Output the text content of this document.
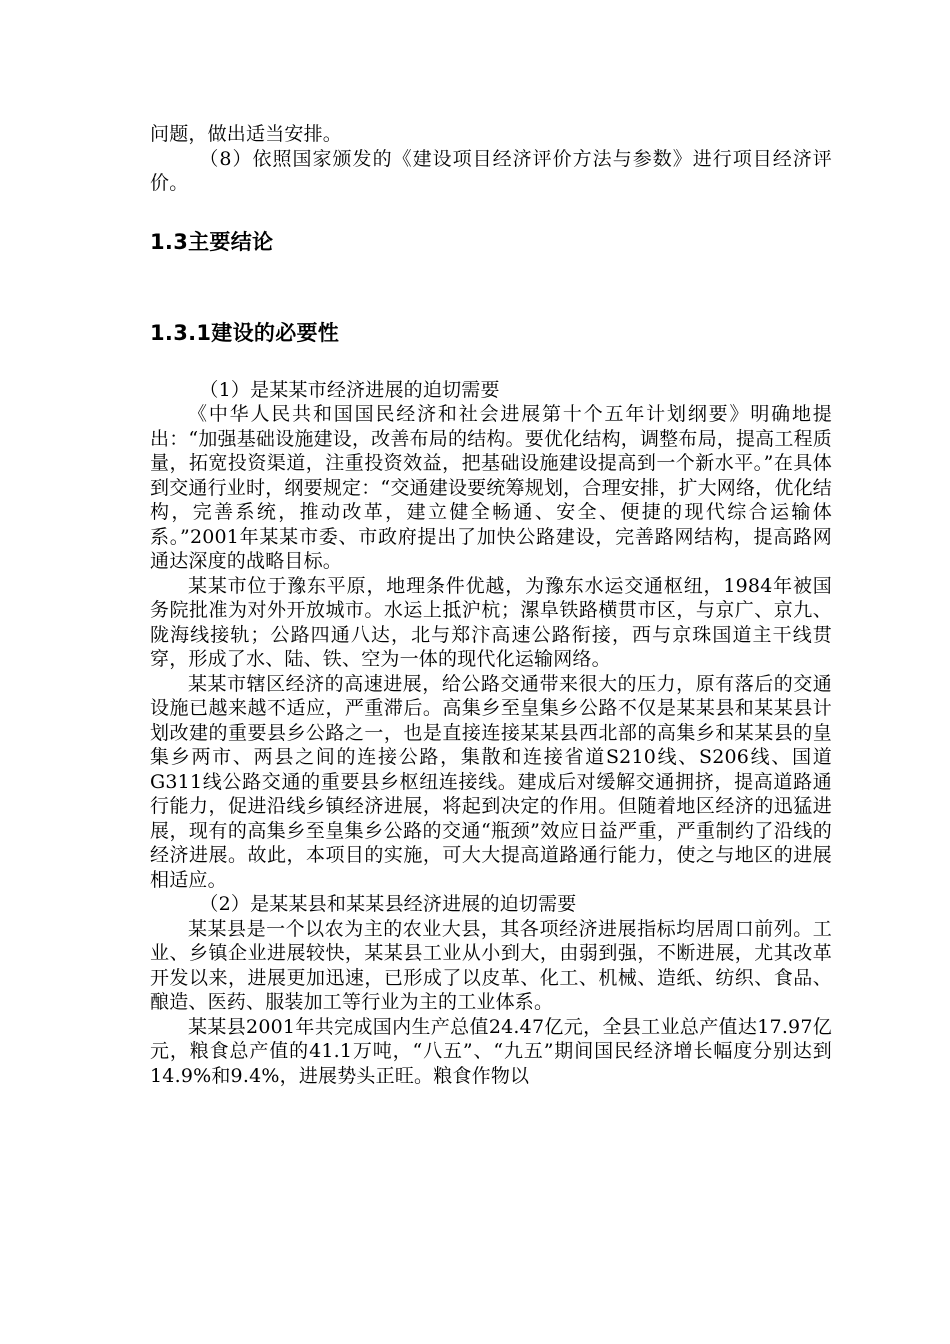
问题，做出适当安排。

（8）依照国家颁发的《建设项目经济评价方法与参数》进行项目经济评价。

1.3主要结论
1.3.1建设的必要性

（1）是某某市经济进展的迫切需要

《中华人民共和国国民经济和社会进展第十个五年计划纲要》明确地提出：“加强基础设施建设，改善布局的结构。要优化结构，调整布局，提高工程质量，拓宽投资渠道，注重投资效益，把基础设施建设提高到一个新水平。”在具体到交通行业时，纲要规定：“交通建设要统筹规划，合理安排，扩大网络，优化结构，完善系统，推动改革，建立健全畅通、安全、便捷的现代综合运输体系。”2001年某某市委、市政府提出了加快公路建设，完善路网结构，提高路网通达深度的战略目标。

某某市位于豫东平原，地理条件优越，为豫东水运交通枢纽，1984年被国务院批准为对外开放城市。水运上抵沪杭；漯阜铁路横贯市区，与京广、京九、陇海线接轨；公路四通八达，北与郑汴高速公路衔接，西与京珠国道主干线贯穿，形成了水、陆、铁、空为一体的现代化运输网络。

某某市辖区经济的高速进展，给公路交通带来很大的压力，原有落后的交通设施已越来越不适应，严重滞后。高集乡至皇集乡公路不仅是某某县和某某县计划改建的重要县乡公路之一，也是直接连接某某县西北部的高集乡和某某县的皇集乡两市、两县之间的连接公路，集散和连接省道S210线、S206线、国道G311线公路交通的重要县乡枢纽连接线。建成后对缓解交通拥挤，提高道路通行能力，促进沿线乡镇经济进展，将起到决定的作用。但随着地区经济的迅猛进展，现有的高集乡至皇集乡公路的交通“瓶颈”效应日益严重，严重制约了沿线的经济进展。故此，本项目的实施，可大大提高道路通行能力，使之与地区的进展相适应。

（2）是某某县和某某县经济进展的迫切需要

某某县是一个以农为主的农业大县，其各项经济进展指标均居周口前列。工业、乡镇企业进展较快，某某县工业从小到大，由弱到强，不断进展，尤其改革开发以来，进展更加迅速，已形成了以皮革、化工、机械、造纸、纺织、食品、酿造、医药、服装加工等行业为主的工业体系。

某某县2001年共完成国内生产总值24.47亿元，全县工业总产值达17.97亿元，粮食总产值的41.1万吨，“八五”、“九五”期间国民经济增长幅度分别达到14.9%和9.4%，进展势头正旺。粮食作物以
